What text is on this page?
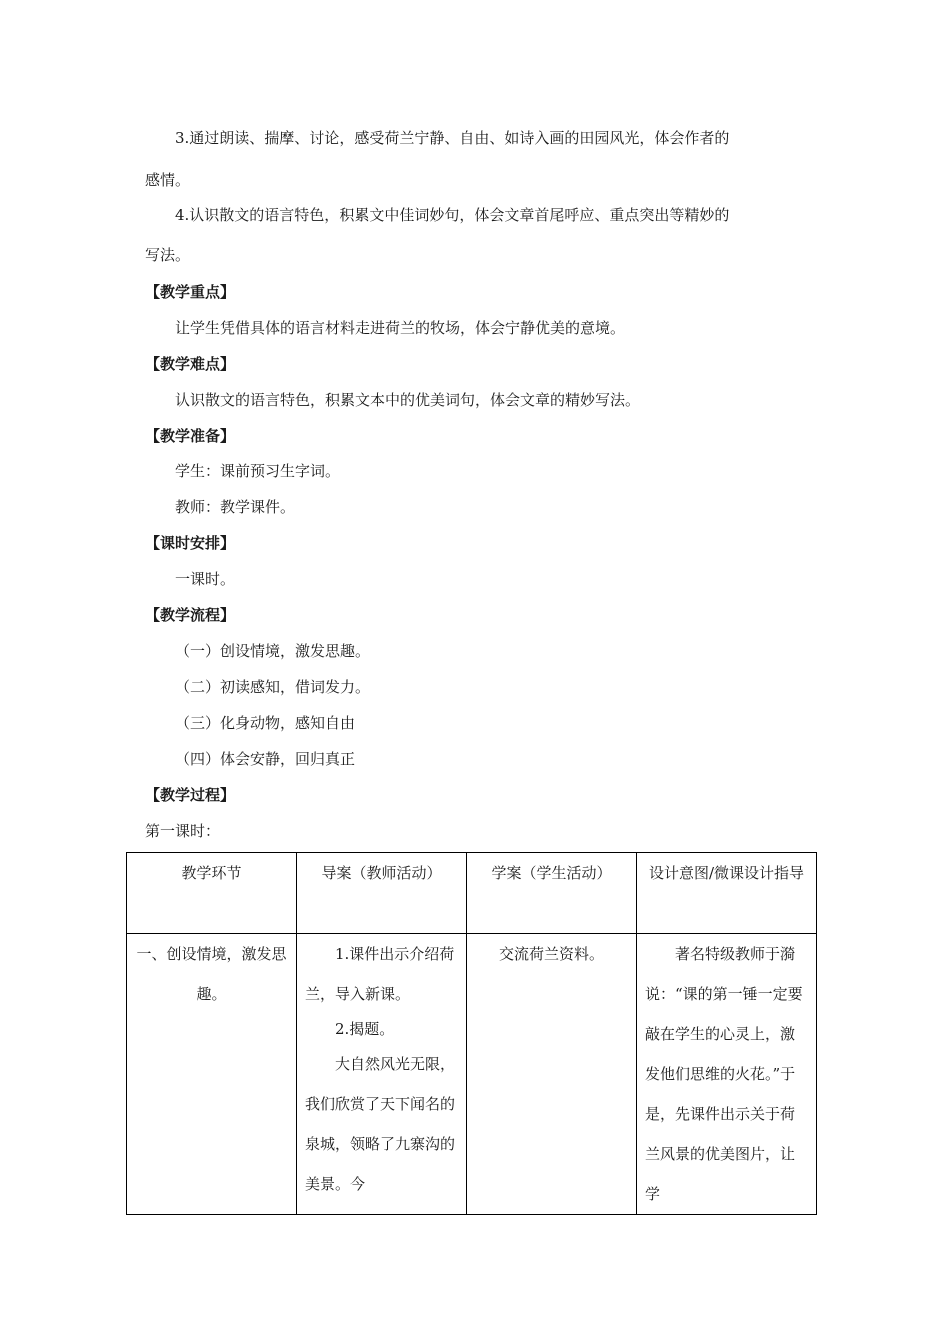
3.通过朗读、揣摩、讨论，感受荷兰宁静、自由、如诗入画的田园风光，体会作者的
感情。
4.认识散文的语言特色，积累文中佳词妙句，体会文章首尾呼应、重点突出等精妙的
写法。
【教学重点】
让学生凭借具体的语言材料走进荷兰的牧场，体会宁静优美的意境。
【教学难点】
认识散文的语言特色，积累文本中的优美词句，体会文章的精妙写法。
【教学准备】
学生：课前预习生字词。
教师：教学课件。
【课时安排】
一课时。
【教学流程】
（一）创设情境，激发思趣。
（二）初读感知，借词发力。
（三）化身动物，感知自由
（四）体会安静，回归真正
【教学过程】
第一课时：
教学环节	导案（教师活动）	学案（学生活动）	设计意图/微课设计指导
一、创设情境，激发思趣。	1.课件出示介绍荷兰，导入新课。

2.揭题。

大自然风光无限，我们欣赏了天下闻名的泉城，领略了九寨沟的美景。今	交流荷兰资料。	著名特级教师于漪说：“课的第一锤一定要敲在学生的心灵上，激发他们思维的火花。”于是，先课件出示关于荷兰风景的优美图片，让学
